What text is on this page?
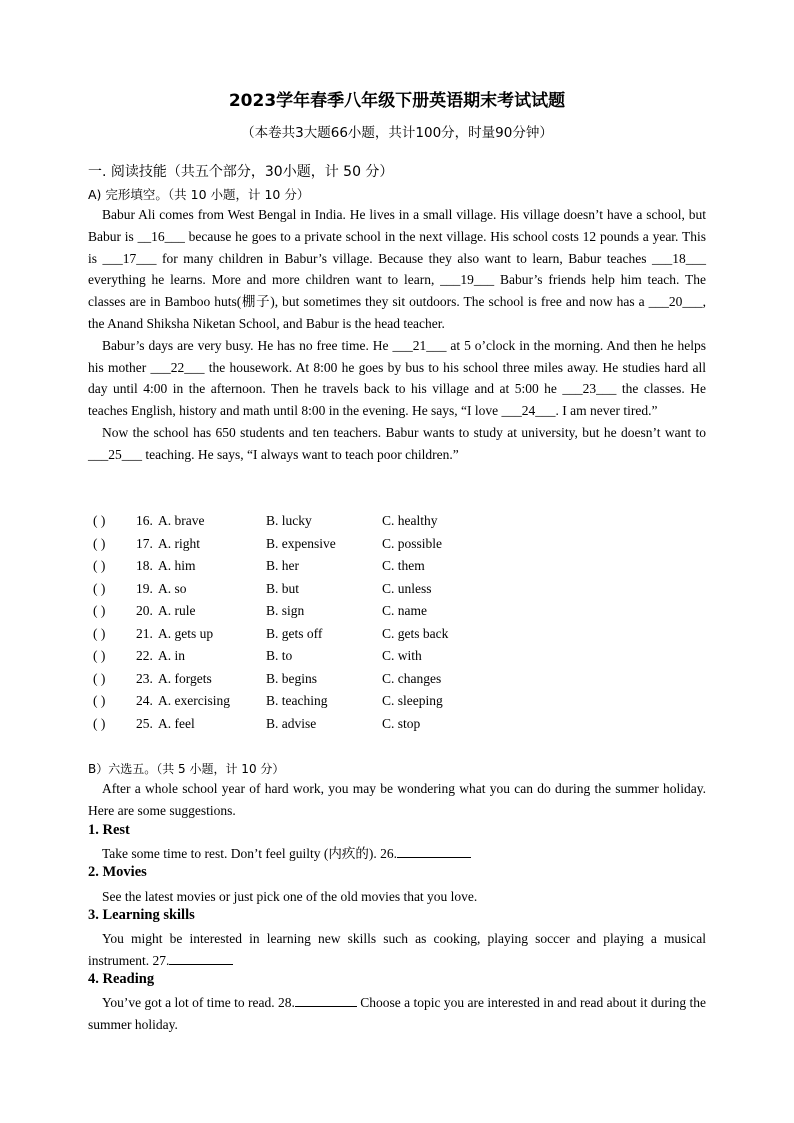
2023学年春季八年级下册英语期末考试试题
（本卷共3大题66小题，共计100分，时量90分钟）
一. 阅读技能（共五个部分，30小题，计 50 分）
A) 完形填空。（共 10 小题，计 10 分）

Babur Ali comes from West Bengal in India. He lives in a small village. His village doesn’t have a school, but Babur is __16___ because he goes to a private school in the next village. His school costs 12 pounds a year. This is ___17___ for many children in Babur’s village. Because they also want to learn, Babur teaches ___18___ everything he learns. More and more children want to learn, ___19___ Babur’s friends help him teach. The classes are in Bamboo huts(棚子), but sometimes they sit outdoors. The school is free and now has a ___20___, the Anand Shiksha Niketan School, and Babur is the head teacher.

Babur’s days are very busy. He has no free time. He ___21___ at 5 o’clock in the morning. And then he helps his mother ___22___ the housework. At 8:00 he goes by bus to his school three miles away. He studies hard all day until 4:00 in the afternoon. Then he travels back to his village and at 5:00 he ___23___ the classes. He teaches English, history and math until 8:00 in the evening. He says, “I love ___24___. I am never tired.”

Now the school has 650 students and ten teachers. Babur wants to study at university, but he doesn’t want to ___25___ teaching. He says, “I always want to teach poor children.”

( ) 16. A. brave	B. lucky	C. healthy
( ) 17. A. right	B. expensive	C. possible
( ) 18. A. him	B. her	C. them
( ) 19. A. so	B. but	C. unless
( ) 20. A. rule	B. sign	C. name
( ) 21. A. gets up	B. gets off	C. gets back
( ) 22. A. in	B. to	C. with
( ) 23. A. forgets	B. begins	C. changes
( ) 24. A. exercising	B. teaching	C. sleeping
( ) 25. A. feel	B. advise	C. stop
B）六选五。（共 5 小题，计 10 分）

After a whole school year of hard work, you may be wondering what you can do during the summer holiday. Here are some suggestions.

1. Rest

Take some time to rest. Don’t feel guilty (内疚的). 26.

2. Movies

See the latest movies or just pick one of the old movies that you love.

3. Learning skills

You might be interested in learning new skills such as cooking, playing soccer and playing a musical instrument. 27.

4. Reading

You’ve got a lot of time to read. 28.	Choose a topic you are interested in and read about it during the summer holiday.
